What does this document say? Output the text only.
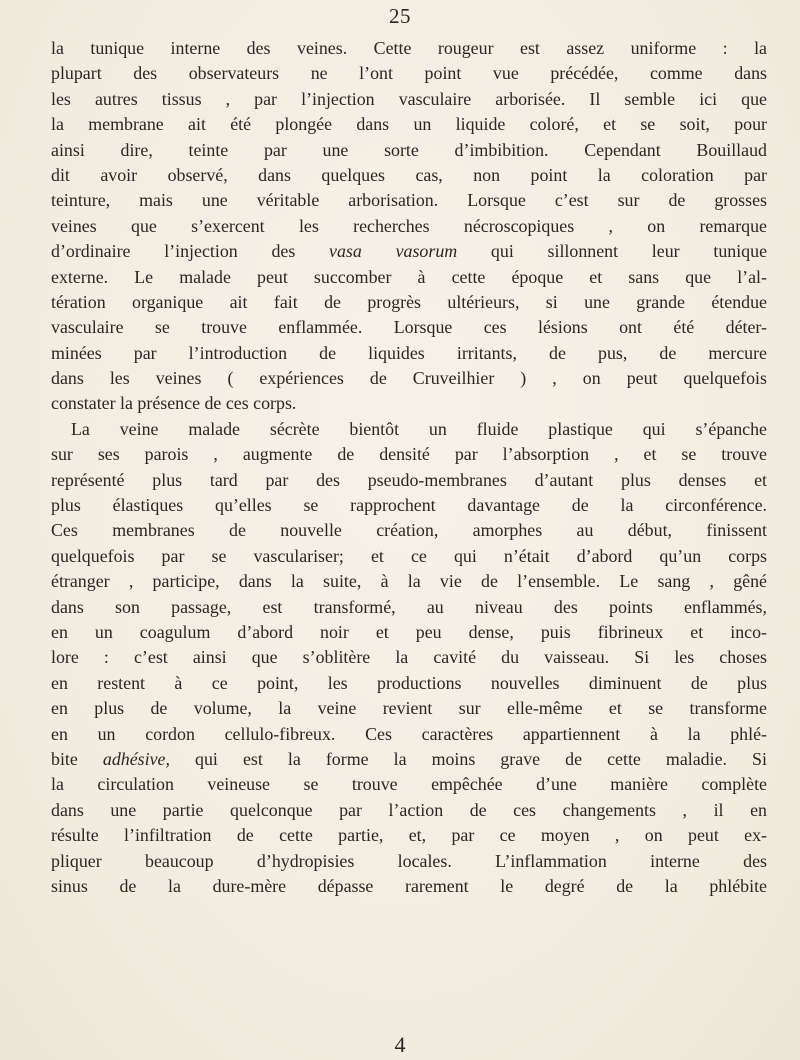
25
la tunique interne des veines. Cette rougeur est assez uniforme : la
plupart des observateurs ne l’ont point vue précédée, comme dans
les autres tissus , par l’injection vasculaire arborisée. Il semble ici que
la membrane ait été plongée dans un liquide coloré, et se soit, pour
ainsi dire, teinte par une sorte d’imbibition. Cependant Bouillaud
dit avoir observé, dans quelques cas, non point la coloration par
teinture, mais une véritable arborisation. Lorsque c’est sur de grosses
veines que s’exercent les recherches nécroscopiques , on remarque
d’ordinaire l’injection des vasa vasorum qui sillonnent leur tunique
externe. Le malade peut succomber à cette époque et sans que l’al-
tération organique ait fait de progrès ultérieurs, si une grande étendue
vasculaire se trouve enflammée. Lorsque ces lésions ont été déter-
minées par l’introduction de liquides irritants, de pus, de mercure
dans les veines ( expériences de Cruveilhier ) , on peut quelquefois
constater la présence de ces corps.
La veine malade sécrète bientôt un fluide plastique qui s’épanche
sur ses parois , augmente de densité par l’absorption , et se trouve
représenté plus tard par des pseudo-membranes d’autant plus denses et
plus élastiques qu’elles se rapprochent davantage de la circonférence.
Ces membranes de nouvelle création, amorphes au début, finissent
quelquefois par se vasculariser; et ce qui n’était d’abord qu’un corps
étranger , participe, dans la suite, à la vie de l’ensemble. Le sang , gêné
dans son passage, est transformé, au niveau des points enflammés,
en un coagulum d’abord noir et peu dense, puis fibrineux et inco-
lore : c’est ainsi que s’oblitère la cavité du vaisseau. Si les choses
en restent à ce point, les productions nouvelles diminuent de plus
en plus de volume, la veine revient sur elle-même et se transforme
en un cordon cellulo-fibreux. Ces caractères appartiennent à la phlé-
bite adhésive, qui est la forme la moins grave de cette maladie. Si
la circulation veineuse se trouve empêchée d’une manière complète
dans une partie quelconque par l’action de ces changements , il en
résulte l’infiltration de cette partie, et, par ce moyen , on peut ex-
pliquer beaucoup d’hydropisies locales. L’inflammation interne des
sinus de la dure-mère dépasse rarement le degré de la phlébite
4
